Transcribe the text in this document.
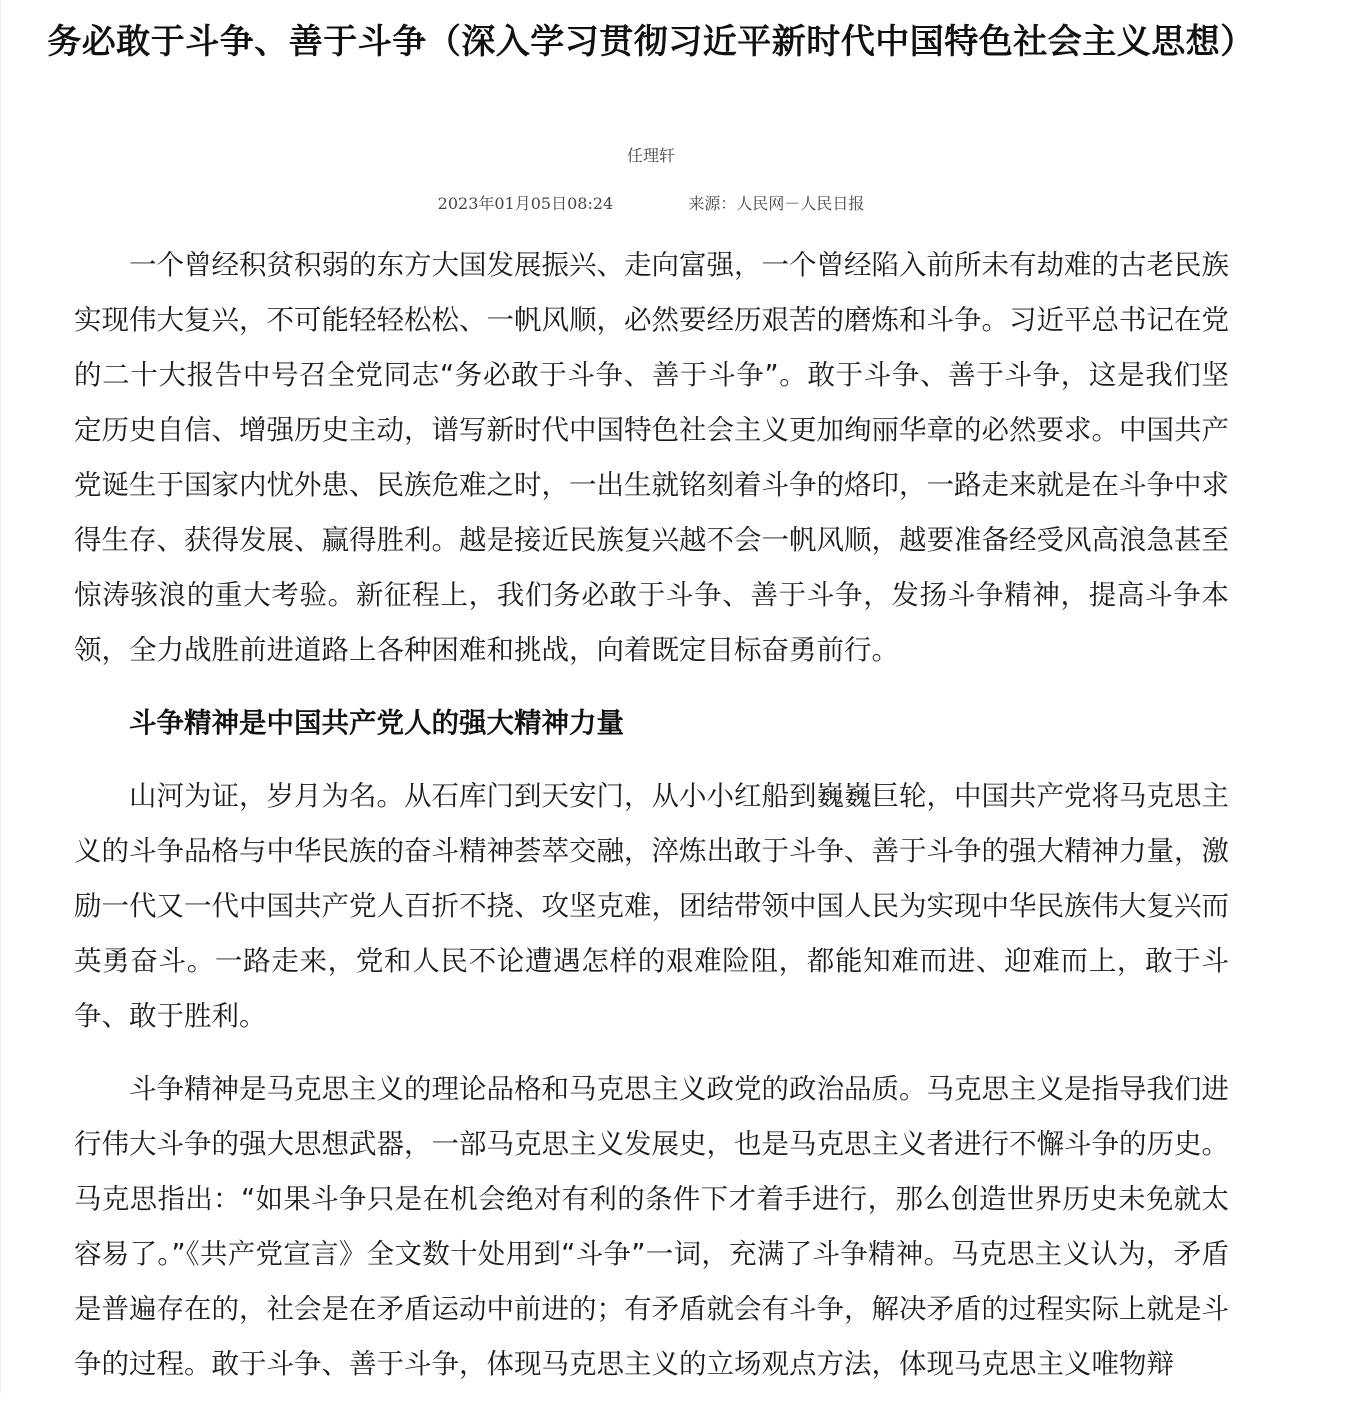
务必敢于斗争、善于斗争（深入学习贯彻习近平新时代中国特色社会主义思想）
任理轩
2023年01月05日08:24	来源：人民网－人民日报

一个曾经积贫积弱的东方大国发展振兴、走向富强，一个曾经陷入前所未有劫难的古老民族实现伟大复兴，不可能轻轻松松、一帆风顺，必然要经历艰苦的磨炼和斗争。习近平总书记在党的二十大报告中号召全党同志“务必敢于斗争、善于斗争”。敢于斗争、善于斗争，这是我们坚定历史自信、增强历史主动，谱写新时代中国特色社会主义更加绚丽华章的必然要求。中国共产党诞生于国家内忧外患、民族危难之时，一出生就铭刻着斗争的烙印，一路走来就是在斗争中求得生存、获得发展、赢得胜利。越是接近民族复兴越不会一帆风顺，越要准备经受风高浪急甚至惊涛骇浪的重大考验。新征程上，我们务必敢于斗争、善于斗争，发扬斗争精神，提高斗争本领，全力战胜前进道路上各种困难和挑战，向着既定目标奋勇前行。

斗争精神是中国共产党人的强大精神力量

山河为证，岁月为名。从石库门到天安门，从小小红船到巍巍巨轮，中国共产党将马克思主义的斗争品格与中华民族的奋斗精神荟萃交融，淬炼出敢于斗争、善于斗争的强大精神力量，激励一代又一代中国共产党人百折不挠、攻坚克难，团结带领中国人民为实现中华民族伟大复兴而英勇奋斗。一路走来，党和人民不论遭遇怎样的艰难险阻，都能知难而进、迎难而上，敢于斗争、敢于胜利。

斗争精神是马克思主义的理论品格和马克思主义政党的政治品质。马克思主义是指导我们进行伟大斗争的强大思想武器，一部马克思主义发展史，也是马克思主义者进行不懈斗争的历史。马克思指出：“如果斗争只是在机会绝对有利的条件下才着手进行，那么创造世界历史未免就太容易了。”《共产党宣言》全文数十处用到“斗争”一词，充满了斗争精神。马克思主义认为，矛盾是普遍存在的，社会是在矛盾运动中前进的；有矛盾就会有斗争，解决矛盾的过程实际上就是斗争的过程。敢于斗争、善于斗争，体现马克思主义的立场观点方法，体现马克思主义唯物辩
